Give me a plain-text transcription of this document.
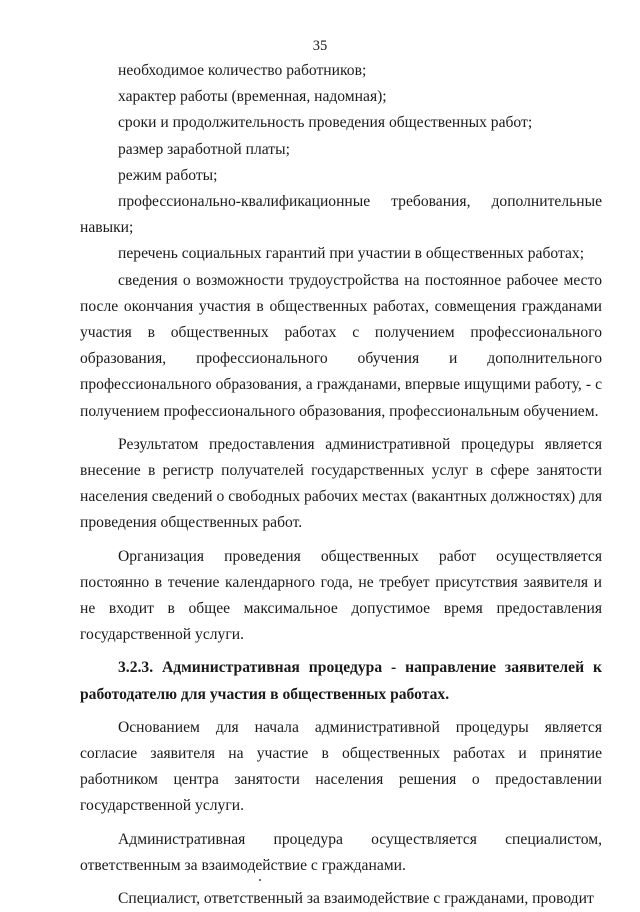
35

необходимое количество работников;

характер работы (временная, надомная);

сроки и продолжительность проведения общественных работ;

размер заработной платы;

режим работы;

профессионально-квалификационные требования, дополнительные навыки;

перечень социальных гарантий при участии в общественных работах;

сведения о возможности трудоустройства на постоянное рабочее место после окончания участия в общественных работах, совмещения гражданами участия в общественных работах с получением профессионального образования, профессионального обучения и дополнительного профессионального образования, а гражданами, впервые ищущими работу, - с получением профессионального образования, профессиональным обучением.

Результатом предоставления административной процедуры является внесение в регистр получателей государственных услуг в сфере занятости населения сведений о свободных рабочих местах (вакантных должностях) для проведения общественных работ.

Организация проведения общественных работ осуществляется постоянно в течение календарного года, не требует присутствия заявителя и не входит в общее максимальное допустимое время предоставления государственной услуги.

3.2.3. Административная процедура - направление заявителей к работодателю для участия в общественных работах.

Основанием для начала административной процедуры является согласие заявителя на участие в общественных работах и принятие работником центра занятости населения решения о предоставлении государственной услуги.

Административная процедура осуществляется специалистом, ответственным за взаимодействие с гражданами.

Специалист, ответственный за взаимодействие с гражданами, проводит
